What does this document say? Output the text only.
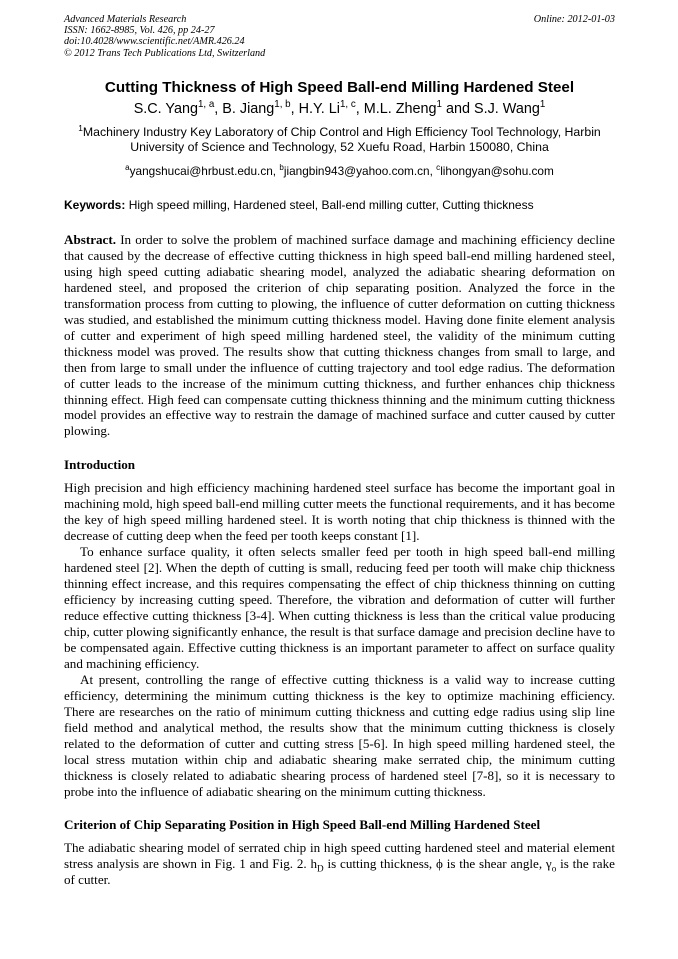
Advanced Materials Research
ISSN: 1662-8985, Vol. 426, pp 24-27
doi:10.4028/www.scientific.net/AMR.426.24
© 2012 Trans Tech Publications Ltd, Switzerland
Online: 2012-01-03
Cutting Thickness of High Speed Ball-end Milling Hardened Steel
S.C. Yang$^{1, a}$, B. Jiang$^{1, b}$, H.Y. Li$^{1, c}$, M.L. Zheng$^1$ and S.J. Wang$^1$
$^1$Machinery Industry Key Laboratory of Chip Control and High Efficiency Tool Technology, Harbin University of Science and Technology, 52 Xuefu Road, Harbin 150080, China
$^a$yangshucai@hrbust.edu.cn, $^b$jiangbin943@yahoo.com.cn, $^c$lihongyan@sohu.com
Keywords: High speed milling, Hardened steel, Ball-end milling cutter, Cutting thickness

Abstract. In order to solve the problem of machined surface damage and machining efficiency decline that caused by the decrease of effective cutting thickness in high speed ball-end milling hardened steel, using high speed cutting adiabatic shearing model, analyzed the adiabatic shearing deformation on hardened steel, and proposed the criterion of chip separating position. Analyzed the force in the transformation process from cutting to plowing, the influence of cutter deformation on cutting thickness was studied, and established the minimum cutting thickness model. Having done finite element analysis of cutter and experiment of high speed milling hardened steel, the validity of the minimum cutting thickness model was proved. The results show that cutting thickness changes from small to large, and then from large to small under the influence of cutting trajectory and tool edge radius. The deformation of cutter leads to the increase of the minimum cutting thickness, and further enhances chip thickness thinning effect. High feed can compensate cutting thickness thinning and the minimum cutting thickness model provides an effective way to restrain the damage of machined surface and cutter caused by cutter plowing.

Introduction

High precision and high efficiency machining hardened steel surface has become the important goal in machining mold, high speed ball-end milling cutter meets the functional requirements, and it has become the key of high speed milling hardened steel. It is worth noting that chip thickness is thinned with the decrease of cutting deep when the feed per tooth keeps constant [1].

To enhance surface quality, it often selects smaller feed per tooth in high speed ball-end milling hardened steel [2]. When the depth of cutting is small, reducing feed per tooth will make chip thickness thinning effect increase, and this requires compensating the effect of chip thickness thinning on cutting efficiency by increasing cutting speed. Therefore, the vibration and deformation of cutter will further reduce effective cutting thickness [3-4]. When cutting thickness is less than the critical value producing chip, cutter plowing significantly enhance, the result is that surface damage and precision decline have to be compensated again. Effective cutting thickness is an important parameter to affect on surface quality and machining efficiency.

At present, controlling the range of effective cutting thickness is a valid way to increase cutting efficiency, determining the minimum cutting thickness is the key to optimize machining efficiency. There are researches on the ratio of minimum cutting thickness and cutting edge radius using slip line field method and analytical method, the results show that the minimum cutting thickness is closely related to the deformation of cutter and cutting stress [5-6]. In high speed milling hardened steel, the local stress mutation within chip and adiabatic shearing make serrated chip, the minimum cutting thickness is closely related to adiabatic shearing process of hardened steel [7-8], so it is necessary to probe into the influence of adiabatic shearing on the minimum cutting thickness.

Criterion of Chip Separating Position in High Speed Ball-end Milling Hardened Steel

The adiabatic shearing model of serrated chip in high speed cutting hardened steel and material element stress analysis are shown in Fig. 1 and Fig. 2. $h_D$ is cutting thickness, ϕ is the shear angle, $\gamma_o$ is the rake of cutter.
